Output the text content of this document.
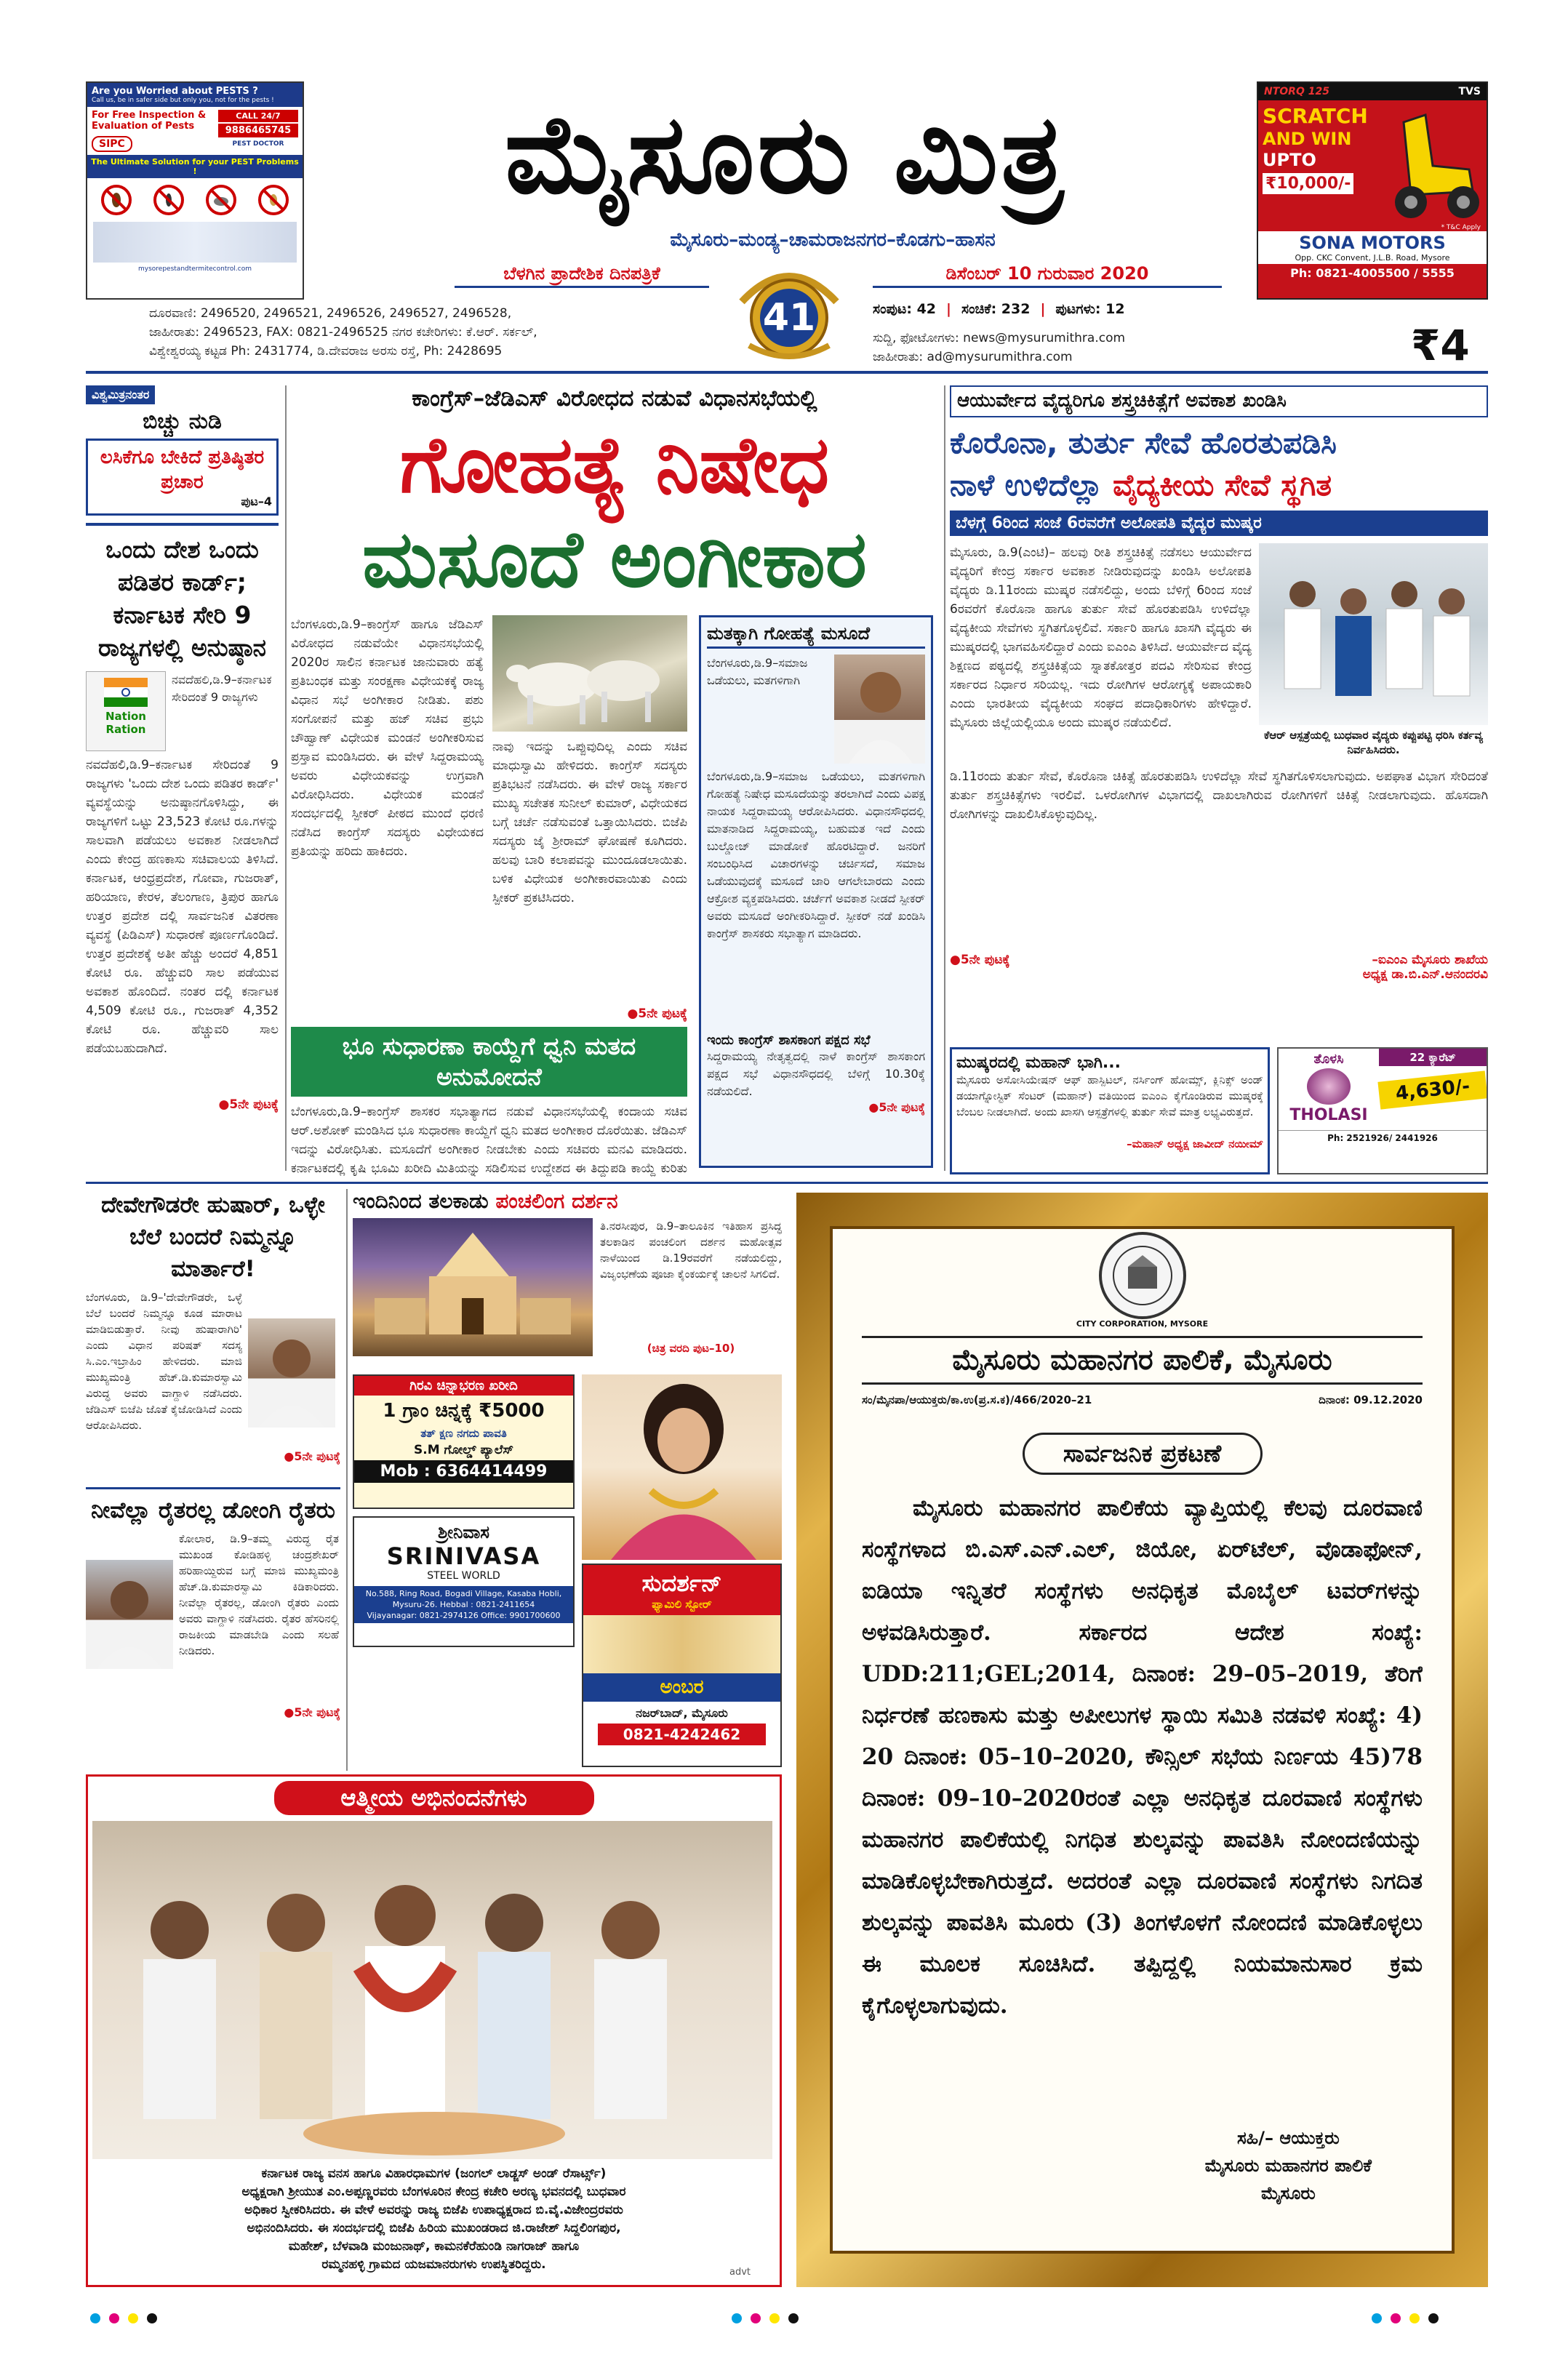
Are you Worried about PESTS ?
Call us, be in safer side but only you, not for the pests !
For Free Inspection & Evaluation of Pests
SIPC
CALL 24/7
9886465745
PEST DOCTOR
The Ultimate Solution for your PEST Problems !
mysorepestandtermitecontrol.com
ಮೈಸೂರು ಮಿತ್ರ
ಮೈಸೂರು–ಮಂಡ್ಯ–ಚಾಮರಾಜನಗರ–ಕೊಡಗು–ಹಾಸನ
ಬೆಳಗಿನ ಪ್ರಾದೇಶಿಕ ದಿನಪತ್ರಿಕೆ
41
ಡಿಸೆಂಬರ್ 10 ಗುರುವಾರ 2020
ದೂರವಾಣಿ: 2496520, 2496521, 2496526, 2496527, 2496528,
ಜಾಹೀರಾತು: 2496523, FAX: 0821-2496525 ನಗರ ಕಚೇರಿಗಳು: ಕೆ.ಆರ್. ಸರ್ಕಲ್,
ವಿಶ್ವೇಶ್ವರಯ್ಯ ಕಟ್ಟಡ Ph: 2431774, ಡಿ.ದೇವರಾಜ ಅರಸು ರಸ್ತೆ, Ph: 2428695
ಸಂಪುಟ: 42 | ಸಂಚಿಕೆ: 232 | ಪುಟಗಳು: 12
ಸುದ್ದಿ, ಫೋಟೋಗಳು: news@mysurumithra.com
ಜಾಹೀರಾತು: ad@mysurumithra.com	₹4
NTORQ 125	TVS
SCRATCH
AND WIN
UPTO
₹10,000/-
* T&C Apply
SONA MOTORS
Opp. CKC Convent, J.L.B. Road, Mysore
Ph: 0821-4005500 / 5555
ವಿಶ್ವಮಿತ್ರನಂತರ
ಬಿಚ್ಚು ನುಡಿ
ಲಸಿಕೆಗೂ ಬೇಕಿದೆ ಪ್ರತಿಷ್ಠಿತರ ಪ್ರಚಾರ
ಪುಟ–4
ಒಂದು ದೇಶ ಒಂದು ಪಡಿತರ ಕಾರ್ಡ್; ಕರ್ನಾಟಕ ಸೇರಿ 9 ರಾಜ್ಯಗಳಲ್ಲಿ ಅನುಷ್ಠಾನ
Nation Ration
ನವದೆಹಲಿ,ಡಿ.9–ಕರ್ನಾಟಕ ಸೇರಿದಂತೆ 9 ರಾಜ್ಯಗಳು
ನವದೆಹಲಿ,ಡಿ.9–ಕರ್ನಾಟಕ ಸೇರಿದಂತೆ 9 ರಾಜ್ಯಗಳು 'ಒಂದು ದೇಶ ಒಂದು ಪಡಿತರ ಕಾರ್ಡ್' ವ್ಯವಸ್ಥೆಯನ್ನು ಅನುಷ್ಠಾನಗೊಳಿಸಿದ್ದು, ಈ ರಾಜ್ಯಗಳಿಗೆ ಒಟ್ಟು 23,523 ಕೋಟಿ ರೂ.ಗಳನ್ನು ಸಾಲವಾಗಿ ಪಡೆಯಲು ಅವಕಾಶ ನೀಡಲಾಗಿದೆ ಎಂದು ಕೇಂದ್ರ ಹಣಕಾಸು ಸಚಿವಾಲಯ ತಿಳಿಸಿದೆ. ಕರ್ನಾಟಕ, ಆಂಧ್ರಪ್ರದೇಶ, ಗೋವಾ, ಗುಜರಾತ್, ಹರಿಯಾಣ, ಕೇರಳ, ತೆಲಂಗಾಣ, ತ್ರಿಪುರ ಹಾಗೂ ಉತ್ತರ ಪ್ರದೇಶ ದಲ್ಲಿ ಸಾರ್ವಜನಿಕ ವಿತರಣಾ ವ್ಯವಸ್ಥೆ (ಪಿಡಿಎಸ್) ಸುಧಾರಣೆ ಪೂರ್ಣಗೊಂಡಿದೆ. ಉತ್ತರ ಪ್ರದೇಶಕ್ಕೆ ಅತೀ ಹೆಚ್ಚು ಅಂದರೆ 4,851 ಕೋಟಿ ರೂ. ಹೆಚ್ಚುವರಿ ಸಾಲ ಪಡೆಯುವ ಅವಕಾಶ ಹೊಂದಿದೆ. ನಂತರ ದಲ್ಲಿ ಕರ್ನಾಟಕ 4,509 ಕೋಟಿ ರೂ., ಗುಜರಾತ್ 4,352 ಕೋಟಿ ರೂ. ಹೆಚ್ಚುವರಿ ಸಾಲ ಪಡೆಯಬಹುದಾಗಿದೆ.
●5ನೇ ಪುಟಕ್ಕೆ
ಕಾಂಗ್ರೆಸ್–ಜೆಡಿಎಸ್ ವಿರೋಧದ ನಡುವೆ ವಿಧಾನಸಭೆಯಲ್ಲಿ
ಗೋಹತ್ಯೆ ನಿಷೇಧ
ಮಸೂದೆ ಅಂಗೀಕಾರ
ಬೆಂಗಳೂರು,ಡಿ.9–ಕಾಂಗ್ರೆಸ್ ಹಾಗೂ ಜೆಡಿಎಸ್ ವಿರೋಧದ ನಡುವೆಯೇ ವಿಧಾನಸಭೆಯಲ್ಲಿ 2020ರ ಸಾಲಿನ ಕರ್ನಾಟಕ ಜಾನುವಾರು ಹತ್ಯೆ ಪ್ರತಿಬಂಧಕ ಮತ್ತು ಸಂರಕ್ಷಣಾ ವಿಧೇಯಕಕ್ಕೆ ರಾಜ್ಯ ವಿಧಾನ ಸಭೆ ಅಂಗೀಕಾರ ನೀಡಿತು. ಪಶು ಸಂಗೋಪನೆ ಮತ್ತು ಹಜ್ ಸಚಿವ ಪ್ರಭು ಚೌಹ್ವಾಣ್ ವಿಧೇಯಕ ಮಂಡನೆ ಅಂಗೀಕರಿಸುವ ಪ್ರಸ್ತಾವ ಮಂಡಿಸಿದರು. ಈ ವೇಳೆ ಸಿದ್ದರಾಮಯ್ಯ ಅವರು ವಿಧೇಯಕವನ್ನು ಉಗ್ರವಾಗಿ ವಿರೋಧಿಸಿದರು. ವಿಧೇಯಕ ಮಂಡನೆ ಸಂದರ್ಭದಲ್ಲಿ ಸ್ಪೀಕರ್ ಪೀಠದ ಮುಂದೆ ಧರಣಿ ನಡೆಸಿದ ಕಾಂಗ್ರೆಸ್ ಸದಸ್ಯರು ವಿಧೇಯಕದ ಪ್ರತಿಯನ್ನು ಹರಿದು ಹಾಕಿದರು.
ನಾವು ಇದನ್ನು ಒಪ್ಪುವುದಿಲ್ಲ ಎಂದು ಸಚಿವ ಮಾಧುಸ್ವಾಮಿ ಹೇಳಿದರು. ಕಾಂಗ್ರೆಸ್ ಸದಸ್ಯರು ಪ್ರತಿಭಟನೆ ನಡೆಸಿದರು. ಈ ವೇಳೆ ರಾಜ್ಯ ಸರ್ಕಾರ ಮುಖ್ಯ ಸಚೇತಕ ಸುನೀಲ್ ಕುಮಾರ್, ವಿಧೇಯಕದ ಬಗ್ಗೆ ಚರ್ಚೆ ನಡೆಸುವಂತೆ ಒತ್ತಾಯಿಸಿದರು. ಬಿಜೆಪಿ ಸದಸ್ಯರು ಜೈ ಶ್ರೀರಾಮ್ ಘೋಷಣೆ ಕೂಗಿದರು. ಹಲವು ಬಾರಿ ಕಲಾಪವನ್ನು ಮುಂದೂಡಲಾಯಿತು. ಬಳಿಕ ವಿಧೇಯಕ ಅಂಗೀಕಾರವಾಯಿತು ಎಂದು ಸ್ಪೀಕರ್ ಪ್ರಕಟಿಸಿದರು.
●5ನೇ ಪುಟಕ್ಕೆ
ಭೂ ಸುಧಾರಣಾ ಕಾಯ್ದೆಗೆ ಧ್ವನಿ ಮತದ ಅನುಮೋದನೆ
ಬೆಂಗಳೂರು,ಡಿ.9–ಕಾಂಗ್ರೆಸ್ ಶಾಸಕರ ಸಭಾತ್ಯಾಗದ ನಡುವೆ ವಿಧಾನಸಭೆಯಲ್ಲಿ ಕಂದಾಯ ಸಚಿವ ಆರ್.ಅಶೋಕ್ ಮಂಡಿಸಿದ ಭೂ ಸುಧಾರಣಾ ಕಾಯ್ದೆಗೆ ಧ್ವನಿ ಮತದ ಅಂಗೀಕಾರ ದೊರೆಯಿತು. ಜೆಡಿಎಸ್ ಇದನ್ನು ವಿರೋಧಿಸಿತು. ಮಸೂದೆಗೆ ಅಂಗೀಕಾರ ನೀಡಬೇಕು ಎಂದು ಸಚಿವರು ಮನವಿ ಮಾಡಿದರು. ಕರ್ನಾಟಕದಲ್ಲಿ ಕೃಷಿ ಭೂಮಿ ಖರೀದಿ ಮಿತಿಯನ್ನು ಸಡಿಲಿಸುವ ಉದ್ದೇಶದ ಈ ತಿದ್ದುಪಡಿ ಕಾಯ್ದೆ ಕುರಿತು
ಮತಕ್ಕಾಗಿ ಗೋಹತ್ಯೆ ಮಸೂದೆ
ಬೆಂಗಳೂರು,ಡಿ.9–ಸಮಾಜ ಒಡೆಯಲು, ಮತಗಳಿಗಾಗಿ
ಬೆಂಗಳೂರು,ಡಿ.9–ಸಮಾಜ ಒಡೆಯಲು, ಮತಗಳಿಗಾಗಿ ಗೋಹತ್ಯೆ ನಿಷೇಧ ಮಸೂದೆಯನ್ನು ತರಲಾಗಿದೆ ಎಂದು ವಿಪಕ್ಷ ನಾಯಕ ಸಿದ್ದರಾಮಯ್ಯ ಆರೋಪಿಸಿದರು. ವಿಧಾನಸೌಧದಲ್ಲಿ ಮಾತನಾಡಿದ ಸಿದ್ದರಾಮಯ್ಯ, ಬಹುಮತ ಇದೆ ಎಂದು ಬುಲ್ಡೋಜ್ ಮಾಡೋಕೆ ಹೊರಟಿದ್ದಾರೆ. ಜನರಿಗೆ ಸಂಬಂಧಿಸಿದ ವಿಚಾರಗಳನ್ನು ಚರ್ಚಿಸದೆ, ಸಮಾಜ ಒಡೆಯುವುದಕ್ಕೆ ಮಸೂದೆ ಜಾರಿ ಆಗಲೇಬಾರದು ಎಂದು ಆಕ್ರೋಶ ವ್ಯಕ್ತಪಡಿಸಿದರು. ಚರ್ಚೆಗೆ ಅವಕಾಶ ನೀಡದೆ ಸ್ಪೀಕರ್ ಅವರು ಮಸೂದೆ ಅಂಗೀಕರಿಸಿದ್ದಾರೆ. ಸ್ಪೀಕರ್ ನಡೆ ಖಂಡಿಸಿ ಕಾಂಗ್ರೆಸ್ ಶಾಸಕರು ಸಭಾತ್ಯಾಗ ಮಾಡಿದರು.
ಇಂದು ಕಾಂಗ್ರೆಸ್ ಶಾಸಕಾಂಗ ಪಕ್ಷದ ಸಭೆ
ಸಿದ್ದರಾಮಯ್ಯ ನೇತೃತ್ವದಲ್ಲಿ ನಾಳೆ ಕಾಂಗ್ರೆಸ್ ಶಾಸಕಾಂಗ ಪಕ್ಷದ ಸಭೆ ವಿಧಾನಸೌಧದಲ್ಲಿ ಬೆಳಿಗ್ಗೆ 10.30ಕ್ಕೆ ನಡೆಯಲಿದೆ.
●5ನೇ ಪುಟಕ್ಕೆ
ಆಯುರ್ವೇದ ವೈದ್ಯರಿಗೂ ಶಸ್ತ್ರಚಿಕಿತ್ಸೆಗೆ ಅವಕಾಶ ಖಂಡಿಸಿ
ಕೊರೊನಾ, ತುರ್ತು ಸೇವೆ ಹೊರತುಪಡಿಸಿ
ನಾಳೆ ಉಳಿದೆಲ್ಲಾ ವೈದ್ಯಕೀಯ ಸೇವೆ ಸ್ಥಗಿತ
ಬೆಳಗ್ಗೆ 6ರಿಂದ ಸಂಜೆ 6ರವರೆಗೆ ಅಲೋಪತಿ ವೈದ್ಯರ ಮುಷ್ಕರ
ಮೈಸೂರು, ಡಿ.9(ಎಂಟಿ)– ಹಲವು ರೀತಿ ಶಸ್ತ್ರಚಿಕಿತ್ಸೆ ನಡೆಸಲು ಆಯುರ್ವೇದ ವೈದ್ಯರಿಗೆ ಕೇಂದ್ರ ಸರ್ಕಾರ ಅವಕಾಶ ನೀಡಿರುವುದನ್ನು ಖಂಡಿಸಿ ಅಲೋಪತಿ ವೈದ್ಯರು ಡಿ.11ರಂದು ಮುಷ್ಕರ ನಡೆಸಲಿದ್ದು, ಅಂದು ಬೆಳಿಗ್ಗೆ 6ರಿಂದ ಸಂಜೆ 6ರವರೆಗೆ ಕೊರೊನಾ ಹಾಗೂ ತುರ್ತು ಸೇವೆ ಹೊರತುಪಡಿಸಿ ಉಳಿದೆಲ್ಲಾ ವೈದ್ಯಕೀಯ ಸೇವೆಗಳು ಸ್ಥಗಿತಗೊಳ್ಳಲಿವೆ. ಸರ್ಕಾರಿ ಹಾಗೂ ಖಾಸಗಿ ವೈದ್ಯರು ಈ ಮುಷ್ಕರದಲ್ಲಿ ಭಾಗವಹಿಸಲಿದ್ದಾರೆ ಎಂದು ಐಎಂಎ ತಿಳಿಸಿದೆ. ಆಯುರ್ವೇದ ವೈದ್ಯ ಶಿಕ್ಷಣದ ಪಠ್ಯದಲ್ಲಿ ಶಸ್ತ್ರಚಿಕಿತ್ಸೆಯ ಸ್ನಾತಕೋತ್ತರ ಪದವಿ ಸೇರಿಸುವ ಕೇಂದ್ರ ಸರ್ಕಾರದ ನಿರ್ಧಾರ ಸರಿಯಲ್ಲ. ಇದು ರೋಗಿಗಳ ಆರೋಗ್ಯಕ್ಕೆ ಅಪಾಯಕಾರಿ ಎಂದು ಭಾರತೀಯ ವೈದ್ಯಕೀಯ ಸಂಘದ ಪದಾಧಿಕಾರಿಗಳು ಹೇಳಿದ್ದಾರೆ. ಮೈಸೂರು ಜಿಲ್ಲೆಯಲ್ಲಿಯೂ ಅಂದು ಮುಷ್ಕರ ನಡೆಯಲಿದೆ.
ಕೆಆರ್ ಆಸ್ಪತ್ರೆಯಲ್ಲಿ ಬುಧವಾರ ವೈದ್ಯರು ಕಪ್ಪುಪಟ್ಟಿ ಧರಿಸಿ ಕರ್ತವ್ಯ ನಿರ್ವಹಿಸಿದರು.
ಡಿ.11ರಂದು ತುರ್ತು ಸೇವೆ, ಕೊರೊನಾ ಚಿಕಿತ್ಸೆ ಹೊರತುಪಡಿಸಿ ಉಳಿದೆಲ್ಲಾ ಸೇವೆ ಸ್ಥಗಿತಗೊಳಿಸಲಾಗುವುದು. ಅಪಘಾತ ವಿಭಾಗ ಸೇರಿದಂತೆ ತುರ್ತು ಶಸ್ತ್ರಚಿಕಿತ್ಸೆಗಳು ಇರಲಿವೆ. ಒಳರೋಗಿಗಳ ವಿಭಾಗದಲ್ಲಿ ದಾಖಲಾಗಿರುವ ರೋಗಿಗಳಿಗೆ ಚಿಕಿತ್ಸೆ ನೀಡಲಾಗುವುದು. ಹೊಸದಾಗಿ ರೋಗಿಗಳನ್ನು ದಾಖಲಿಸಿಕೊಳ್ಳುವುದಿಲ್ಲ.
●5ನೇ ಪುಟಕ್ಕೆ	–ಐಎಂಎ ಮೈಸೂರು ಶಾಖೆಯ
ಅಧ್ಯಕ್ಷ ಡಾ.ಬಿ.ಎನ್.ಆನಂದರವಿ
ಮುಷ್ಕರದಲ್ಲಿ ಮಹಾನ್ ಭಾಗಿ...
ಮೈಸೂರು ಅಸೋಸಿಯೇಷನ್ ಆಫ್ ಹಾಸ್ಪಿಟಲ್, ನರ್ಸಿಂಗ್ ಹೋಮ್ಸ್, ಕ್ಲಿನಿಕ್ಸ್ ಅಂಡ್ ಡಯಾಗ್ನೋಸ್ಟಿಕ್ ಸೆಂಟರ್ (ಮಹಾನ್) ವತಿಯಿಂದ ಐಎಂಎ ಕೈಗೊಂಡಿರುವ ಮುಷ್ಕರಕ್ಕೆ ಬೆಂಬಲ ನೀಡಲಾಗಿದೆ. ಅಂದು ಖಾಸಗಿ ಆಸ್ಪತ್ರೆಗಳಲ್ಲಿ ತುರ್ತು ಸೇವೆ ಮಾತ್ರ ಲಭ್ಯವಿರುತ್ತದೆ.
–ಮಹಾನ್ ಅಧ್ಯಕ್ಷ ಜಾವೀದ್ ನಯೀಮ್
ತೊಳಸಿ
THOLASI
22 ಕ್ಯಾರೆಟ್
4,630/-
Ph: 2521926/ 2441926
ದೇವೇಗೌಡರೇ ಹುಷಾರ್, ಒಳ್ಳೇ ಬೆಲೆ ಬಂದರೆ ನಿಮ್ಮನ್ನೂ ಮಾರ್ತಾರೆ!
ಬೆಂಗಳೂರು, ಡಿ.9–'ದೇವೇಗೌಡರೇ, ಒಳ್ಳೆ ಬೆಲೆ ಬಂದರೆ ನಿಮ್ಮನ್ನೂ ಕೂಡ ಮಾರಾಟ ಮಾಡಿಬಿಡುತ್ತಾರೆ. ನೀವು ಹುಷಾರಾಗಿರಿ' ಎಂದು ವಿಧಾನ ಪರಿಷತ್ ಸದಸ್ಯ ಸಿ.ಎಂ.ಇಬ್ರಾಹಿಂ ಹೇಳಿದರು. ಮಾಜಿ ಮುಖ್ಯಮಂತ್ರಿ ಹೆಚ್.ಡಿ.ಕುಮಾರಸ್ವಾಮಿ ವಿರುದ್ಧ ಅವರು ವಾಗ್ದಾಳಿ ನಡೆಸಿದರು. ಜೆಡಿಎಸ್ ಬಿಜೆಪಿ ಜೊತೆ ಕೈಜೋಡಿಸಿದೆ ಎಂದು ಆರೋಪಿಸಿದರು.
●5ನೇ ಪುಟಕ್ಕೆ
ನೀವೆಲ್ಲಾ ರೈತರಲ್ಲ ಡೋಂಗಿ ರೈತರು
ಕೋಲಾರ, ಡಿ.9–ತಮ್ಮ ವಿರುದ್ಧ ರೈತ ಮುಖಂಡ ಕೋಡಿಹಳ್ಳಿ ಚಂದ್ರಶೇಖರ್ ಹರಿಹಾಯ್ದಿರುವ ಬಗ್ಗೆ ಮಾಜಿ ಮುಖ್ಯಮಂತ್ರಿ ಹೆಚ್.ಡಿ.ಕುಮಾರಸ್ವಾಮಿ ಕಿಡಿಕಾರಿದರು. ನೀವೆಲ್ಲಾ ರೈತರಲ್ಲ, ಡೋಂಗಿ ರೈತರು ಎಂದು ಅವರು ವಾಗ್ದಾಳಿ ನಡೆಸಿದರು. ರೈತರ ಹೆಸರಿನಲ್ಲಿ ರಾಜಕೀಯ ಮಾಡಬೇಡಿ ಎಂದು ಸಲಹೆ ನೀಡಿದರು.
●5ನೇ ಪುಟಕ್ಕೆ
ಇಂದಿನಿಂದ ತಲಕಾಡು ಪಂಚಲಿಂಗ ದರ್ಶನ
ತಿ.ನರಸೀಪುರ, ಡಿ.9–ತಾಲೂಕಿನ ಇತಿಹಾಸ ಪ್ರಸಿದ್ಧ ತಲಕಾಡಿನ ಪಂಚಲಿಂಗ ದರ್ಶನ ಮಹೋತ್ಸವ ನಾಳೆಯಿಂದ ಡಿ.19ರವರೆಗೆ ನಡೆಯಲಿದ್ದು, ವಿಜೃಂಭಣೆಯ ಪೂಜಾ ಕೈಂಕರ್ಯಕ್ಕೆ ಚಾಲನೆ ಸಿಗಲಿದೆ.
(ಚಿತ್ರ ವರದಿ ಪುಟ–10)
ಗಿರವಿ ಚಿನ್ನಾಭರಣ ಖರೀದಿ
1 ಗ್ರಾಂ ಚಿನ್ನಕ್ಕೆ ₹5000
ತತ್ ಕ್ಷಣ ನಗದು ಪಾವತಿ
S.M ಗೋಲ್ಡ್ ಪ್ಯಾಲೆಸ್
Mob : 6364414499
ಶ್ರೀನಿವಾಸ
SRINIVASA
STEEL WORLD
No.588, Ring Road, Bogadi Village, Kasaba Hobli,
Mysuru-26. Hebbal : 0821-2411654
Vijayanagar: 0821-2974126 Office: 9901700600
ಸುದರ್ಶನ್
ಫ್ಯಾಮಿಲಿ ಸ್ಟೋರ್
ಅಂಬರ
ನಜರ್‌ಬಾದ್, ಮೈಸೂರು
0821-4242462
ಆತ್ಮೀಯ ಅಭಿನಂದನೆಗಳು
ಕರ್ನಾಟಕ ರಾಜ್ಯ ವನಸ ಹಾಗೂ ವಿಹಾರಧಾಮಗಳ (ಜಂಗಲ್ ಲಾಡ್ಜಸ್ ಅಂಡ್ ರೆಸಾರ್ಟ್ಸ್)
ಅಧ್ಯಕ್ಷರಾಗಿ ಶ್ರೀಯುತ ಎಂ.ಅಪ್ಪಣ್ಣರವರು ಬೆಂಗಳೂರಿನ ಕೇಂದ್ರ ಕಚೇರಿ ಅರಣ್ಯ ಭವನದಲ್ಲಿ ಬುಧವಾರ
ಅಧಿಕಾರ ಸ್ವೀಕರಿಸಿದರು. ಈ ವೇಳೆ ಅವರನ್ನು ರಾಜ್ಯ ಬಿಜೆಪಿ ಉಪಾಧ್ಯಕ್ಷರಾದ ಬಿ.ವೈ.ವಿಜೇಂದ್ರರವರು
ಅಭಿನಂದಿಸಿದರು. ಈ ಸಂದರ್ಭದಲ್ಲಿ ಬಿಜೆಪಿ ಹಿರಿಯ ಮುಖಂಡರಾದ ಜಿ.ರಾಜೇಶ್ ಸಿದ್ದಲಿಂಗಪುರ,
ಮಹೇಶ್, ಬೆಳವಾಡಿ ಮಂಜುನಾಥ್, ಕಾಮನಕೆರೆಹುಂಡಿ ನಾಗರಾಜ್ ಹಾಗೂ
ರಮ್ಮನಹಳ್ಳಿ ಗ್ರಾಮದ ಯಜಮಾನರುಗಳು ಉಪಸ್ಥಿತರಿದ್ದರು.
advt
CITY CORPORATION, MYSORE
ಮೈಸೂರು ಮಹಾನಗರ ಪಾಲಿಕೆ, ಮೈಸೂರು
ಸಂ/ಮೈನಪಾ/ಆಯುಕ್ತರು/ಕಾ.ಉ(ಪ್ರ.ಸ.ಕ)/466/2020–21	ದಿನಾಂಕ: 09.12.2020
ಸಾರ್ವಜನಿಕ ಪ್ರಕಟಣೆ
ಮೈಸೂರು ಮಹಾನಗರ ಪಾಲಿಕೆಯ ವ್ಯಾಪ್ತಿಯಲ್ಲಿ ಕೆಲವು ದೂರವಾಣಿ ಸಂಸ್ಥೆಗಳಾದ ಬಿ.ಎಸ್.ಎನ್.ಎಲ್, ಜಿಯೋ, ಏರ್‌ಟೆಲ್, ವೊಡಾಫೋನ್, ಐಡಿಯಾ ಇನ್ನಿತರೆ ಸಂಸ್ಥೆಗಳು ಅನಧಿಕೃತ ಮೊಬೈಲ್ ಟವರ್‌ಗಳನ್ನು ಅಳವಡಿಸಿರುತ್ತಾರೆ. ಸರ್ಕಾರದ ಆದೇಶ ಸಂಖ್ಯೆ: UDD:211;GEL;2014, ದಿನಾಂಕ: 29–05–2019, ತೆರಿಗೆ ನಿರ್ಧರಣೆ ಹಣಕಾಸು ಮತ್ತು ಅಪೀಲುಗಳ ಸ್ಥಾಯಿ ಸಮಿತಿ ನಡವಳಿ ಸಂಖ್ಯೆ: 4) 20 ದಿನಾಂಕ: 05–10–2020, ಕೌನ್ಸಿಲ್ ಸಭೆಯ ನಿರ್ಣಯ 45)78 ದಿನಾಂಕ: 09–10–2020ರಂತೆ ಎಲ್ಲಾ ಅನಧಿಕೃತ ದೂರವಾಣಿ ಸಂಸ್ಥೆಗಳು ಮಹಾನಗರ ಪಾಲಿಕೆಯಲ್ಲಿ ನಿಗಧಿತ ಶುಲ್ಕವನ್ನು ಪಾವತಿಸಿ ನೋಂದಣಿಯನ್ನು ಮಾಡಿಕೊಳ್ಳಬೇಕಾಗಿರುತ್ತದೆ. ಅದರಂತೆ ಎಲ್ಲಾ ದೂರವಾಣಿ ಸಂಸ್ಥೆಗಳು ನಿಗದಿತ ಶುಲ್ಕವನ್ನು ಪಾವತಿಸಿ ಮೂರು (3) ತಿಂಗಳೊಳಗೆ ನೋಂದಣಿ ಮಾಡಿಕೊಳ್ಳಲು ಈ ಮೂಲಕ ಸೂಚಿಸಿದೆ. ತಪ್ಪಿದ್ದಲ್ಲಿ ನಿಯಮಾನುಸಾರ ಕ್ರಮ ಕೈಗೊಳ್ಳಲಾಗುವುದು.
ಸಹಿ/– ಆಯುಕ್ತರು
ಮೈಸೂರು ಮಹಾನಗರ ಪಾಲಿಕೆ
ಮೈಸೂರು
